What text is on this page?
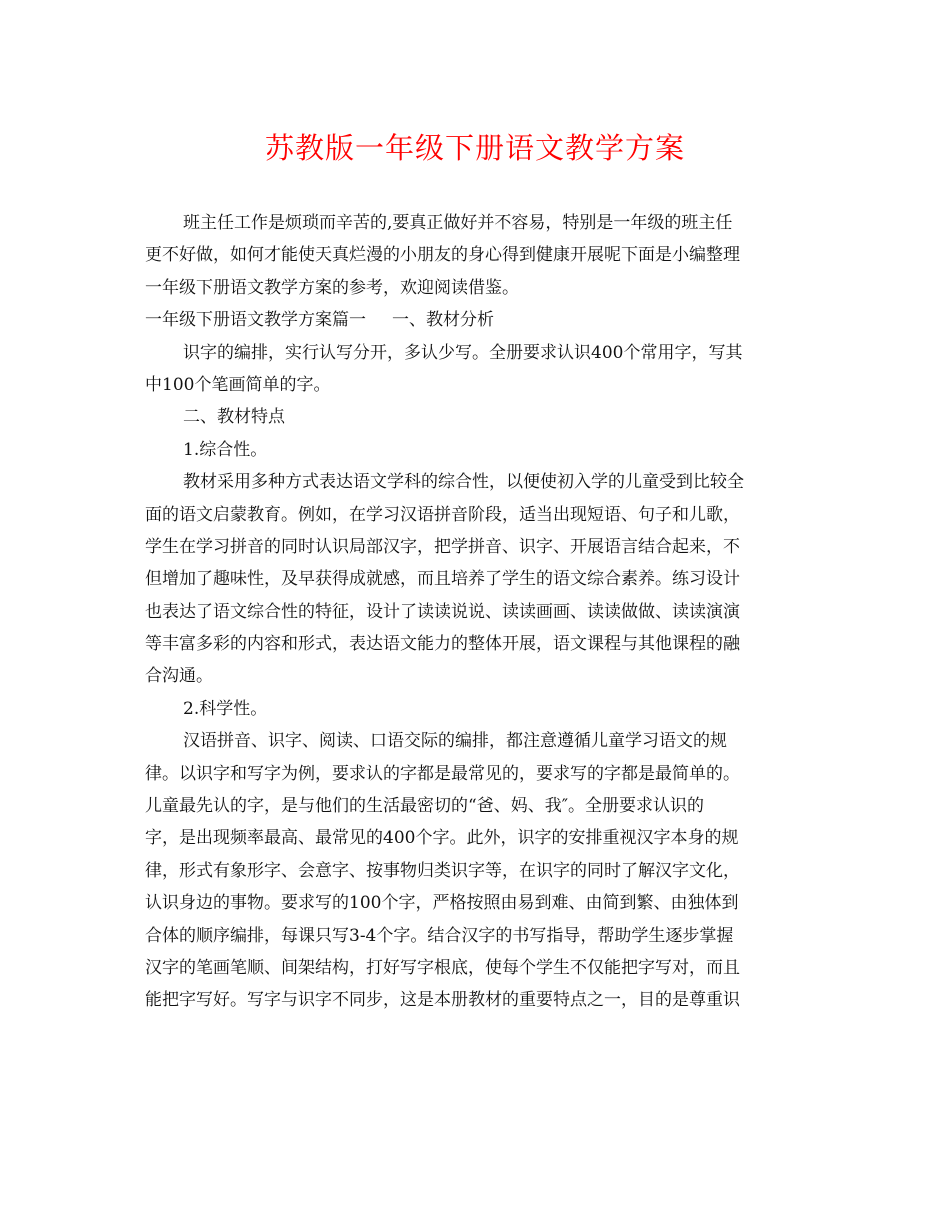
苏教版一年级下册语文教学方案
班主任工作是烦琐而辛苦的,要真正做好并不容易，特别是一年级的班主任
更不好做，如何才能使天真烂漫的小朋友的身心得到健康开展呢下面是小编整理
一年级下册语文教学方案的参考，欢迎阅读借鉴。
一年级下册语文教学方案篇一 一、教材分析
识字的编排，实行认写分开，多认少写。全册要求认识400个常用字，写其
中100个笔画简单的字。
二、教材特点
1.综合性。
教材采用多种方式表达语文学科的综合性，以便使初入学的儿童受到比较全
面的语文启蒙教育。例如，在学习汉语拼音阶段，适当出现短语、句子和儿歌，
学生在学习拼音的同时认识局部汉字，把学拼音、识字、开展语言结合起来，不
但增加了趣味性，及早获得成就感，而且培养了学生的语文综合素养。练习设计
也表达了语文综合性的特征，设计了读读说说、读读画画、读读做做、读读演演
等丰富多彩的内容和形式，表达语文能力的整体开展，语文课程与其他课程的融
合沟通。
2.科学性。
汉语拼音、识字、阅读、口语交际的编排，都注意遵循儿童学习语文的规
律。以识字和写字为例，要求认的字都是最常见的，要求写的字都是最简单的。
儿童最先认的字，是与他们的生活最密切的“爸、妈、我″。全册要求认识的
字，是出现频率最高、最常见的400个字。此外，识字的安排重视汉字本身的规
律，形式有象形字、会意字、按事物归类识字等，在识字的同时了解汉字文化，
认识身边的事物。要求写的100个字，严格按照由易到难、由简到繁、由独体到
合体的顺序编排，每课只写3-4个字。结合汉字的书写指导，帮助学生逐步掌握
汉字的笔画笔顺、间架结构，打好写字根底，使每个学生不仅能把字写对，而且
能把字写好。写字与识字不同步，这是本册教材的重要特点之一，目的是尊重识
